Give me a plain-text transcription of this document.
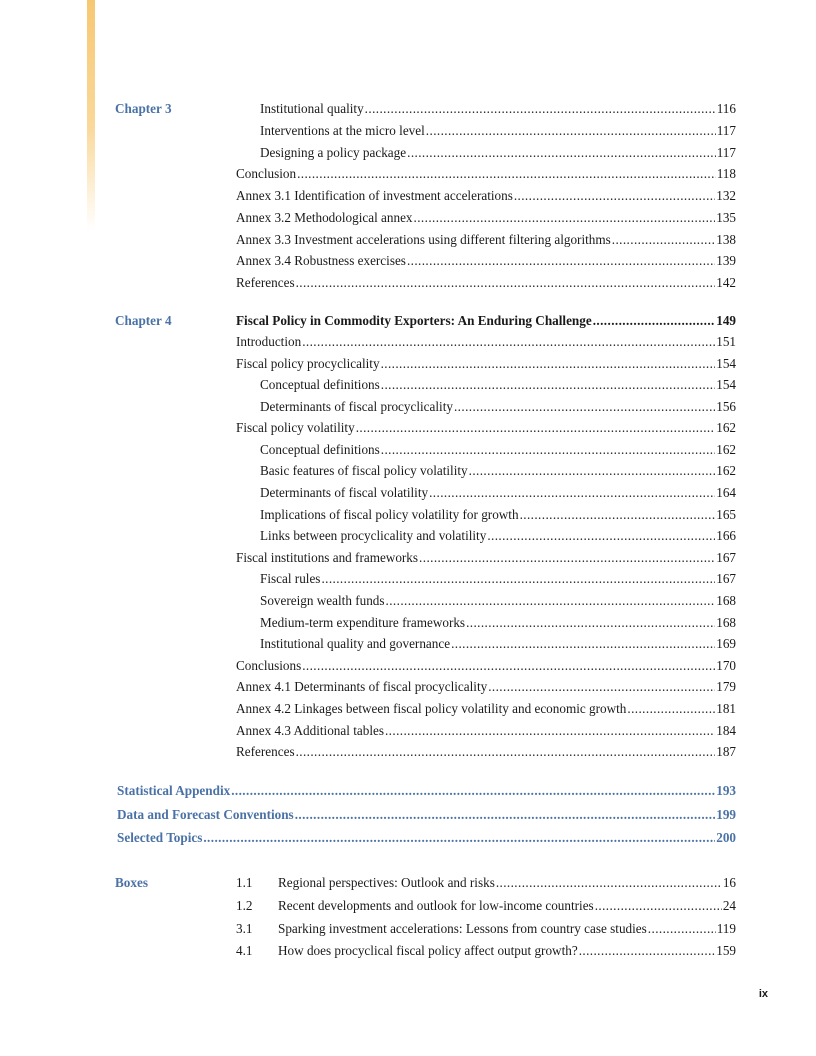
Chapter 3	Institutional quality .....	116
Interventions at the micro level .....	117
Designing a policy package .....	117
Conclusion .....	118
Annex 3.1 Identification of investment accelerations .....	132
Annex 3.2 Methodological annex .....	135
Annex 3.3 Investment accelerations using different filtering algorithms .....	138
Annex 3.4 Robustness exercises .....	139
References .....	142
Chapter 4	Fiscal Policy in Commodity Exporters: An Enduring Challenge .....	149
Introduction .....	151
Fiscal policy procyclicality .....	154
Conceptual definitions .....	154
Determinants of fiscal procyclicality .....	156
Fiscal policy volatility .....	162
Conceptual definitions .....	162
Basic features of fiscal policy volatility .....	162
Determinants of fiscal volatility .....	164
Implications of fiscal policy volatility for growth .....	165
Links between procyclicality and volatility .....	166
Fiscal institutions and frameworks .....	167
Fiscal rules .....	167
Sovereign wealth funds .....	168
Medium-term expenditure frameworks .....	168
Institutional quality and governance .....	169
Conclusions .....	170
Annex 4.1 Determinants of fiscal procyclicality .....	179
Annex 4.2 Linkages between fiscal policy volatility and economic growth .....	181
Annex 4.3 Additional tables .....	184
References .....	187
Statistical Appendix .....	193
Data and Forecast Conventions .....	199
Selected Topics .....	200
Boxes	1.1	Regional perspectives: Outlook and risks .....	16
1.2	Recent developments and outlook for low-income countries .....	24
3.1	Sparking investment accelerations: Lessons from country case studies .....	119
4.1	How does procyclical fiscal policy affect output growth? .....	159
ix
